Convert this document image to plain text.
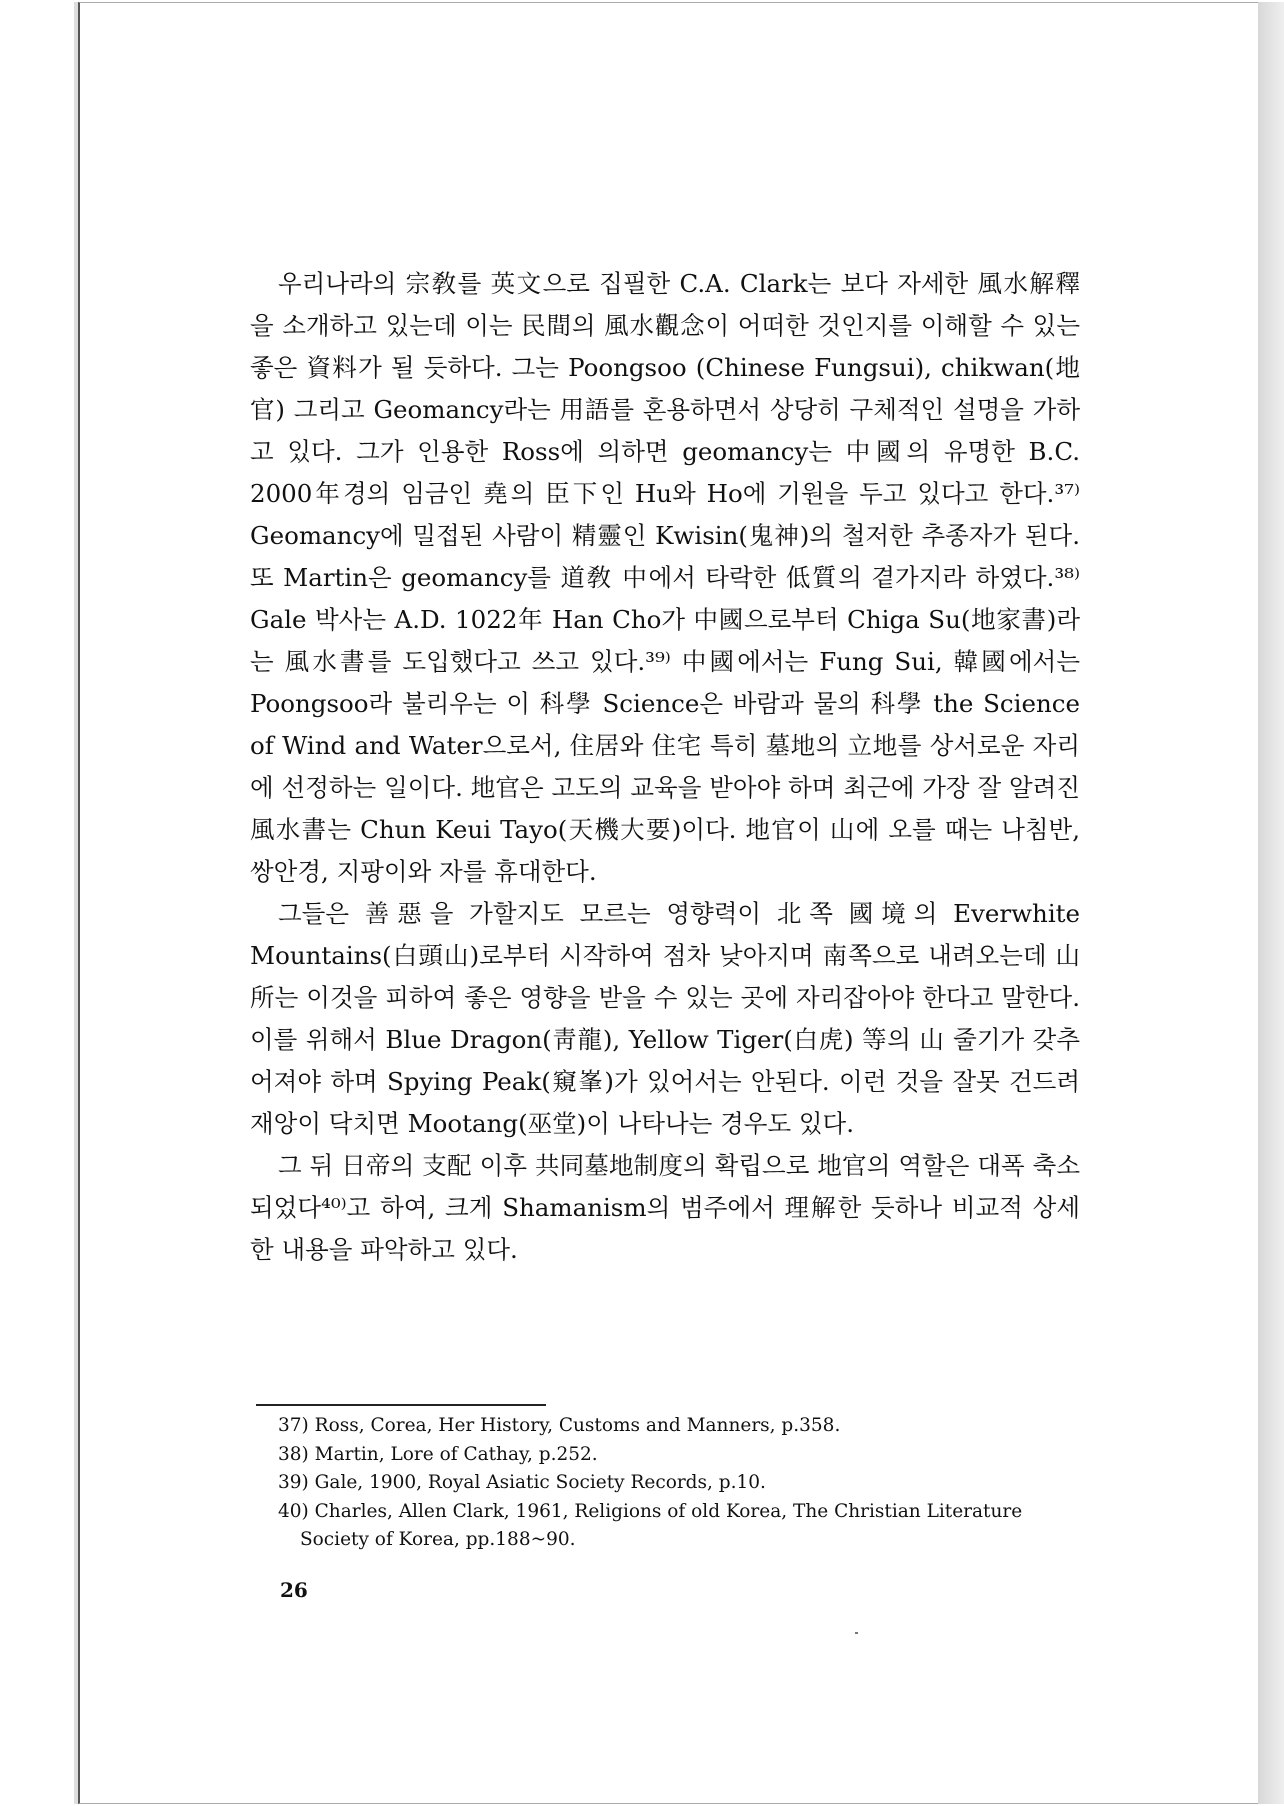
우리나라의 宗敎를 英文으로 집필한 C.A. Clark는 보다 자세한 風水解釋을 소개하고 있는데 이는 民間의 風水觀念이 어떠한 것인지를 이해할 수 있는 좋은 資料가 될 듯하다. 그는 Poongsoo (Chinese Fungsui), chikwan(地官) 그리고 Geomancy라는 用語를 혼용하면서 상당히 구체적인 설명을 가하고 있다. 그가 인용한 Ross에 의하면 geomancy는 中國의 유명한 B.C. 2000年경의 임금인 堯의 臣下인 Hu와 Ho에 기원을 두고 있다고 한다.³⁷⁾ Geomancy에 밀접된 사람이 精靈인 Kwisin(鬼神)의 철저한 추종자가 된다. 또 Martin은 geomancy를 道敎 中에서 타락한 低質의 곁가지라 하였다.³⁸⁾ Gale 박사는 A.D. 1022年 Han Cho가 中國으로부터 Chiga Su(地家書)라는 風水書를 도입했다고 쓰고 있다.³⁹⁾ 中國에서는 Fung Sui, 韓國에서는 Poongsoo라 불리우는 이 科學 Science은 바람과 물의 科學 the Science of Wind and Water으로서, 住居와 住宅 특히 墓地의 立地를 상서로운 자리에 선정하는 일이다. 地官은 고도의 교육을 받아야 하며 최근에 가장 잘 알려진 風水書는 Chun Keui Tayo(天機大要)이다. 地官이 山에 오를 때는 나침반, 쌍안경, 지팡이와 자를 휴대한다.

그들은 善惡을 가할지도 모르는 영향력이 北쪽 國境의 Everwhite Mountains(白頭山)로부터 시작하여 점차 낮아지며 南쪽으로 내려오는데 山所는 이것을 피하여 좋은 영향을 받을 수 있는 곳에 자리잡아야 한다고 말한다. 이를 위해서 Blue Dragon(靑龍), Yellow Tiger(白虎) 等의 山 줄기가 갖추어져야 하며 Spying Peak(窺峯)가 있어서는 안된다. 이런 것을 잘못 건드려 재앙이 닥치면 Mootang(巫堂)이 나타나는 경우도 있다.

그 뒤 日帝의 支配 이후 共同墓地制度의 확립으로 地官의 역할은 대폭 축소되었다⁴⁰⁾고 하여, 크게 Shamanism의 범주에서 理解한 듯하나 비교적 상세한 내용을 파악하고 있다.

37) Ross, Corea, Her History, Customs and Manners, p.358.

38) Martin, Lore of Cathay, p.252.

39) Gale, 1900, Royal Asiatic Society Records, p.10.

40) Charles, Allen Clark, 1961, Religions of old Korea, The Christian Literature Society of Korea, pp.188~90.

26
